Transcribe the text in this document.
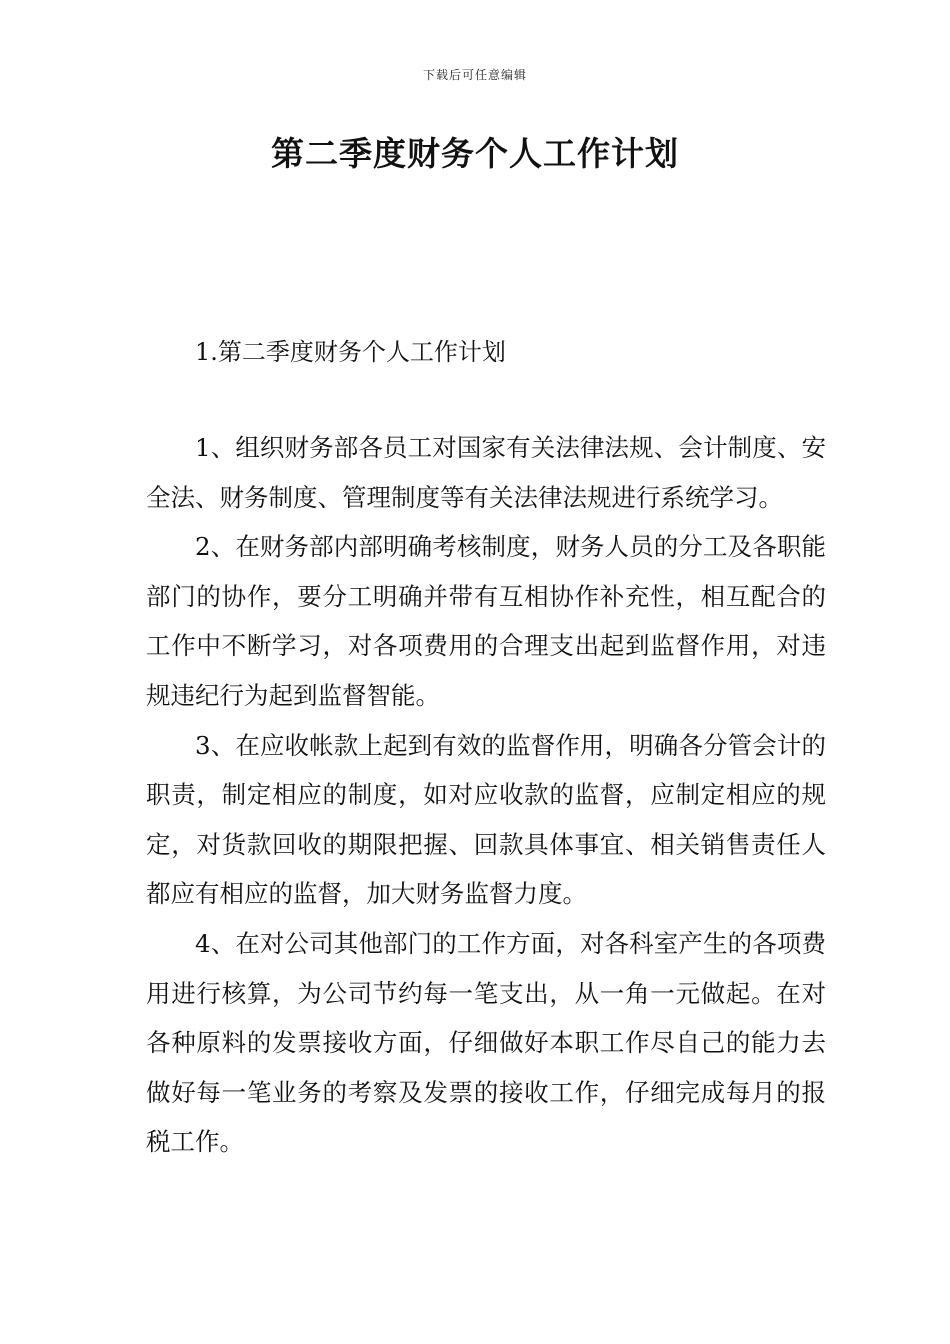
下载后可任意编辑
第二季度财务个人工作计划
1.第二季度财务个人工作计划

1、组织财务部各员工对国家有关法律法规、会计制度、安全法、财务制度、管理制度等有关法律法规进行系统学习。

2、在财务部内部明确考核制度，财务人员的分工及各职能部门的协作，要分工明确并带有互相协作补充性，相互配合的工作中不断学习，对各项费用的合理支出起到监督作用，对违规违纪行为起到监督智能。

3、在应收帐款上起到有效的监督作用，明确各分管会计的职责，制定相应的制度，如对应收款的监督，应制定相应的规定，对货款回收的期限把握、回款具体事宜、相关销售责任人都应有相应的监督，加大财务监督力度。

4、在对公司其他部门的工作方面，对各科室产生的各项费用进行核算，为公司节约每一笔支出，从一角一元做起。在对各种原料的发票接收方面，仔细做好本职工作尽自己的能力去做好每一笔业务的考察及发票的接收工作，仔细完成每月的报税工作。
